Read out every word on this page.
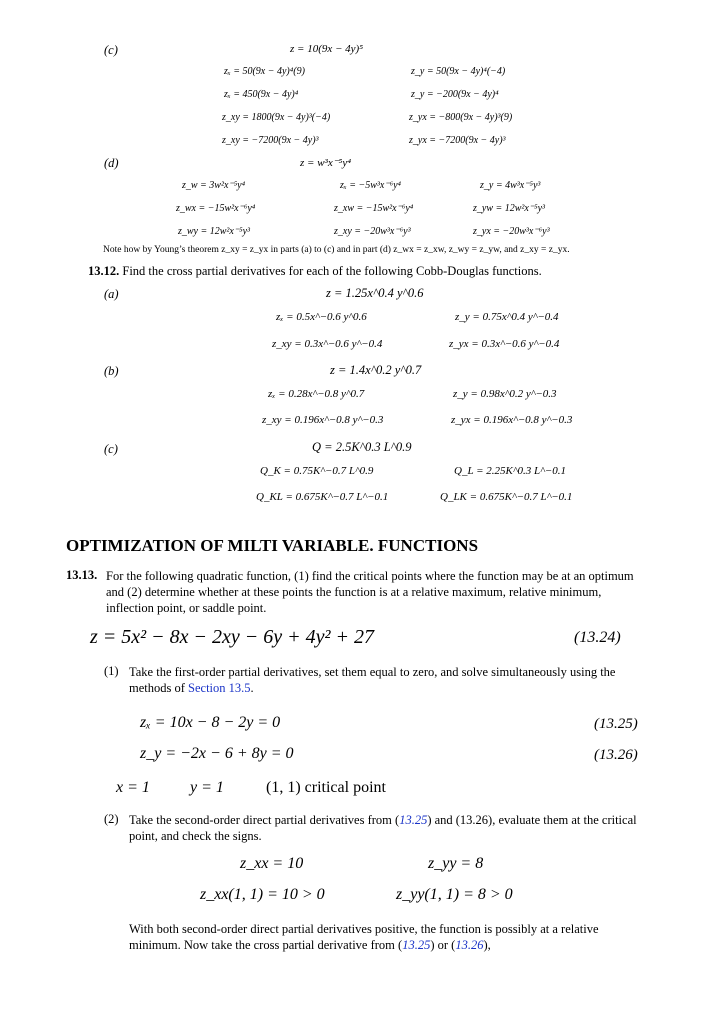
(c)	z = 10(9x − 4y)⁵
zₓ = 50(9x − 4y)⁴(9)	z_y = 50(9x − 4y)⁴(−4)
zₓ = 450(9x − 4y)⁴	z_y = −200(9x − 4y)⁴
z_xy = 1800(9x − 4y)³(−4)	z_yx = −800(9x − 4y)³(9)
z_xy = −7200(9x − 4y)³	z_yx = −7200(9x − 4y)³
(d)	z = w³x⁻⁵y⁴
z_w = 3w²x⁻⁵y⁴	zₓ = −5w³x⁻⁶y⁴	z_y = 4w³x⁻⁵y³
z_wx = −15w²x⁻⁶y⁴	z_xw = −15w²x⁻⁶y⁴	z_yw = 12w²x⁻⁵y³
z_wy = 12w²x⁻⁵y³	z_xy = −20w³x⁻⁶y³	z_yx = −20w³x⁻⁶y³
Note how by Young’s theorem z_xy = z_yx in parts (a) to (c) and in part (d) z_wx = z_xw, z_wy = z_yw, and z_xy = z_yx.
13.12. Find the cross partial derivatives for each of the following Cobb-Douglas functions.
(a)	z = 1.25x^0.4 y^0.6
zₓ = 0.5x^−0.6 y^0.6	z_y = 0.75x^0.4 y^−0.4
z_xy = 0.3x^−0.6 y^−0.4	z_yx = 0.3x^−0.6 y^−0.4
(b)	z = 1.4x^0.2 y^0.7
zₓ = 0.28x^−0.8 y^0.7	z_y = 0.98x^0.2 y^−0.3
z_xy = 0.196x^−0.8 y^−0.3	z_yx = 0.196x^−0.8 y^−0.3
(c)	Q = 2.5K^0.3 L^0.9
Q_K = 0.75K^−0.7 L^0.9	Q_L = 2.25K^0.3 L^−0.1
Q_KL = 0.675K^−0.7 L^−0.1	Q_LK = 0.675K^−0.7 L^−0.1
OPTIMIZATION OF MILTI VARIABLE. FUNCTIONS
13.13. For the following quadratic function, (1) find the critical points where the function may be at an optimum and (2) determine whether at these points the function is at a relative maximum, relative minimum, inflection point, or saddle point.
z = 5x² − 8x − 2xy − 6y + 4y² + 27	(13.24)
(1) Take the first-order partial derivatives, set them equal to zero, and solve simultaneously using the methods of Section 13.5.
zₓ = 10x − 8 − 2y = 0	(13.25)
z_y = −2x − 6 + 8y = 0	(13.26)
x = 1	y = 1	(1, 1) critical point
(2) Take the second-order direct partial derivatives from (13.25) and (13.26), evaluate them at the critical point, and check the signs.
z_xx = 10	z_yy = 8
z_xx(1, 1) = 10 > 0	z_yy(1, 1) = 8 > 0
With both second-order direct partial derivatives positive, the function is possibly at a relative minimum. Now take the cross partial derivative from (13.25) or (13.26),
